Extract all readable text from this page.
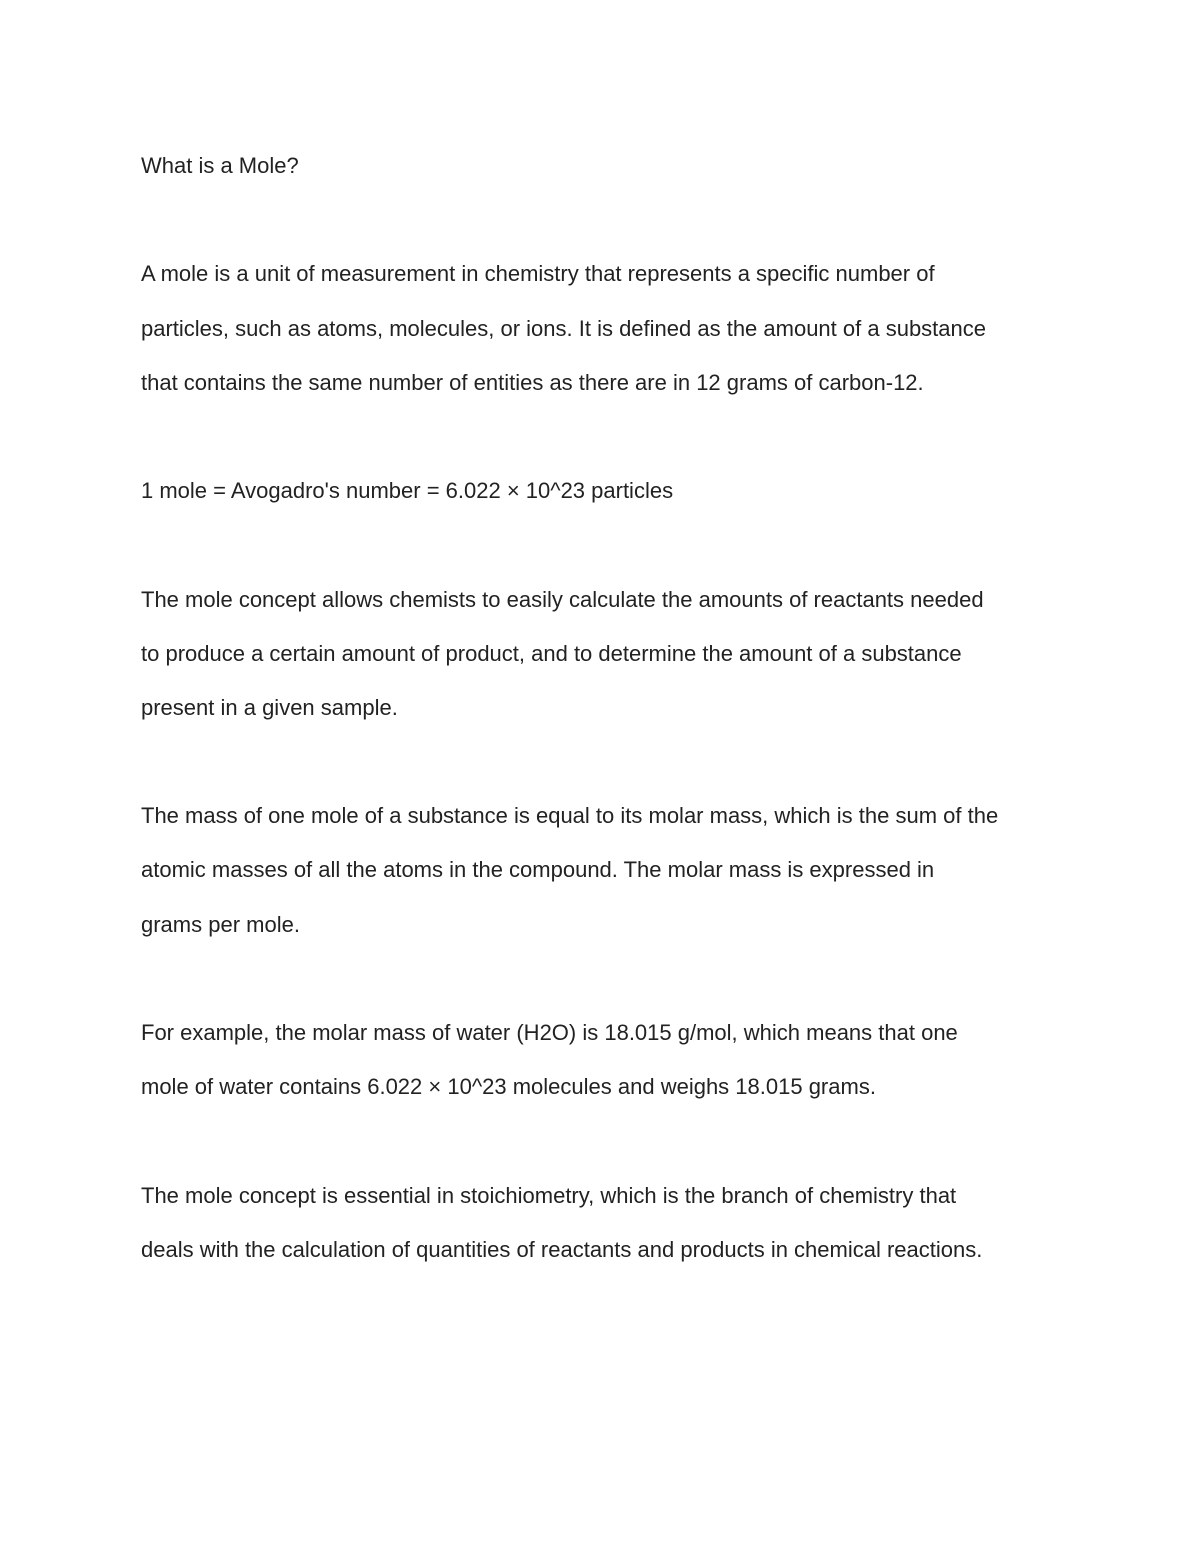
What is a Mole?
A mole is a unit of measurement in chemistry that represents a specific number of
particles, such as atoms, molecules, or ions. It is defined as the amount of a substance
that contains the same number of entities as there are in 12 grams of carbon-12.
1 mole = Avogadro's number = 6.022 × 10^23 particles
The mole concept allows chemists to easily calculate the amounts of reactants needed
to produce a certain amount of product, and to determine the amount of a substance
present in a given sample.
The mass of one mole of a substance is equal to its molar mass, which is the sum of the
atomic masses of all the atoms in the compound. The molar mass is expressed in
grams per mole.
For example, the molar mass of water (H2O) is 18.015 g/mol, which means that one
mole of water contains 6.022 × 10^23 molecules and weighs 18.015 grams.
The mole concept is essential in stoichiometry, which is the branch of chemistry that
deals with the calculation of quantities of reactants and products in chemical reactions.
